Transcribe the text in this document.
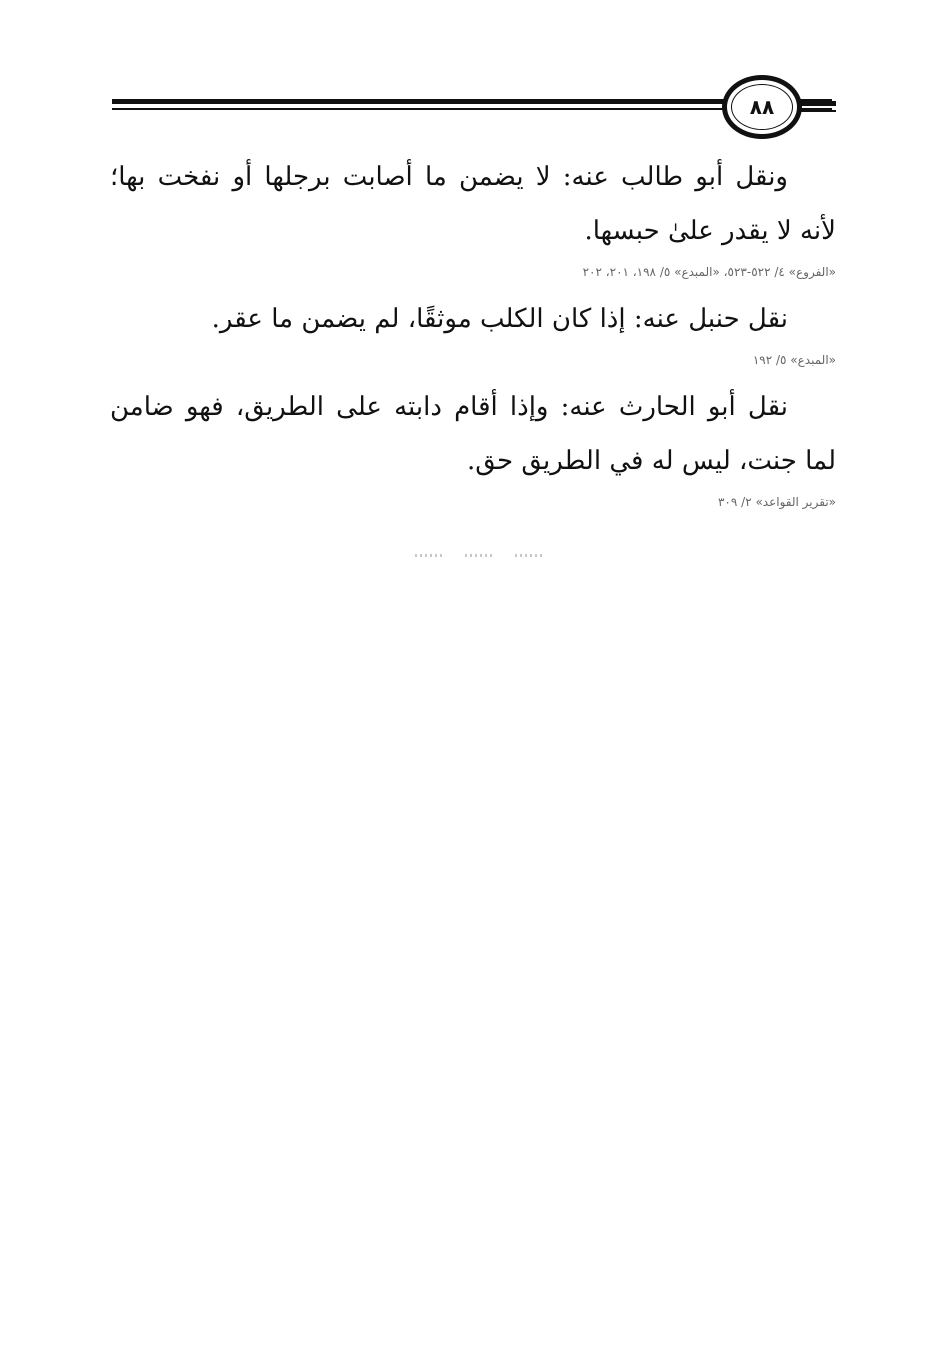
٨٨

ونقل أبو طالب عنه: لا يضمن ما أصابت برجلها أو نفخت بها؛ لأنه لا يقدر علىٰ حبسها.

«الفروع» ٤/ ٥٢٢-٥٢٣، «المبدع» ٥/ ١٩٨، ٢٠١، ٢٠٢

نقل حنبل عنه: إذا كان الكلب موثقًا، لم يضمن ما عقر.

«المبدع» ٥/ ١٩٢

نقل أبو الحارث عنه: وإذا أقام دابته على الطريق، فهو ضامن لما جنت، ليس له في الطريق حق.

«تقرير القواعد» ٢/ ٣٠٩
